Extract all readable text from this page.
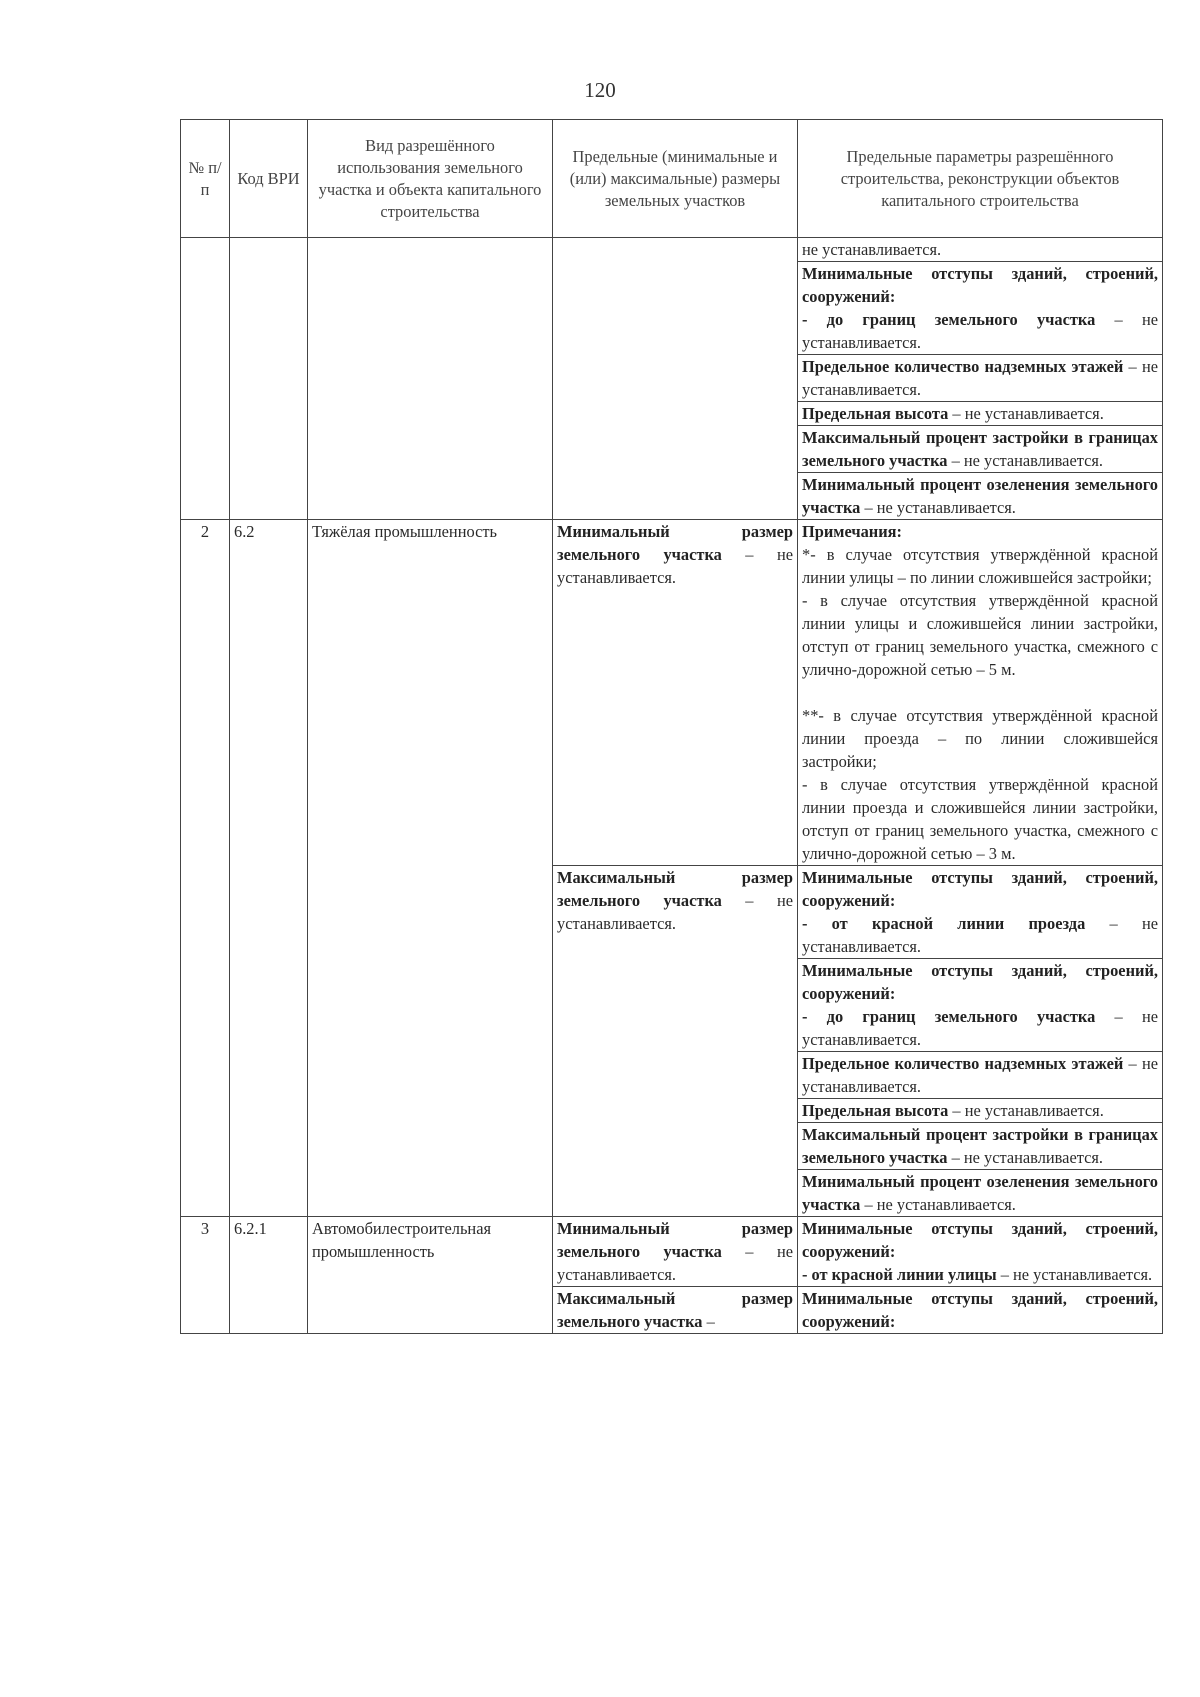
120
№ п/п	Код ВРИ	Вид разрешённого использования земельного участка и объекта капитального строительства	Предельные (минимальные и (или) максимальные) размеры земельных участков	Предельные параметры разрешённого строительства, реконструкции объектов капитального строительства
				не устанавливается.
				Минимальные отступы зданий, строений, сооружений:
- до границ земельного участка – не устанавливается.
				Предельное количество надземных этажей – не устанавливается.
				Предельная высота – не устанавливается.
				Максимальный процент застройки в границах земельного участка – не устанавливается.
				Минимальный процент озеленения земельного участка – не устанавливается.
2	6.2	Тяжёлая промышленность	Минимальный размер земельного участка – не устанавливается.	Примечания:
*- в случае отсутствия утверждённой красной линии улицы – по линии сложившейся застройки;
- в случае отсутствия утверждённой красной линии улицы и сложившейся линии застройки, отступ от границ земельного участка, смежного с улично-дорожной сетью – 5 м.

**- в случае отсутствия утверждённой красной линии проезда – по линии сложившейся застройки;
- в случае отсутствия утверждённой красной линии проезда и сложившейся линии застройки, отступ от границ земельного участка, смежного с улично-дорожной сетью – 3 м.
			Максимальный размер земельного участка – не устанавливается.	Минимальные отступы зданий, строений, сооружений:
- от красной линии проезда – не устанавливается.
				Минимальные отступы зданий, строений, сооружений:
- до границ земельного участка – не устанавливается.
				Предельное количество надземных этажей – не устанавливается.
				Предельная высота – не устанавливается.
				Максимальный процент застройки в границах земельного участка – не устанавливается.
				Минимальный процент озеленения земельного участка – не устанавливается.
3	6.2.1	Автомобилестроительная промышленность	Минимальный размер земельного участка – не устанавливается.	Минимальные отступы зданий, строений, сооружений:
- от красной линии улицы – не устанавливается.
			Максимальный размер земельного участка –	Минимальные отступы зданий, строений, сооружений:
